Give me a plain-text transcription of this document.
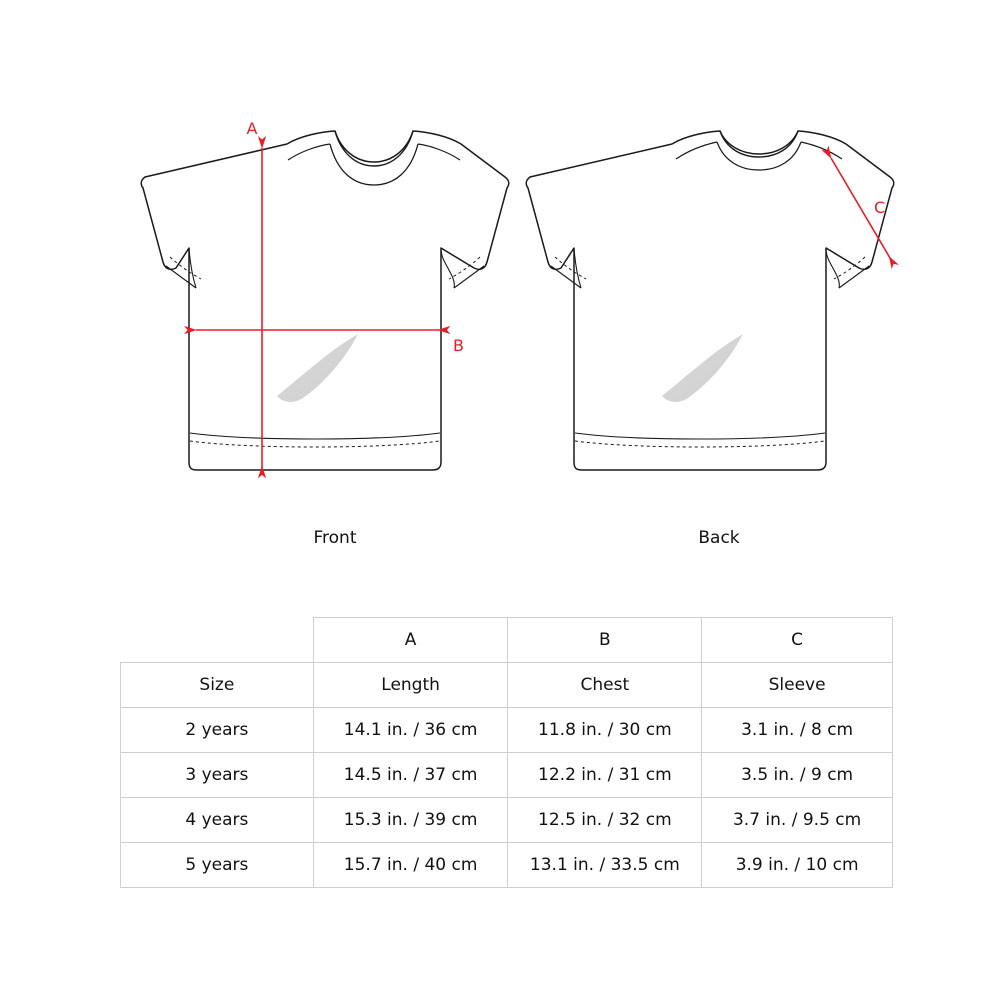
A
B
C
Front	Back
	A	B	C
Size	Length	Chest	Sleeve
2 years	14.1 in. / 36 cm	11.8 in. / 30 cm	3.1 in. / 8 cm
3 years	14.5 in. / 37 cm	12.2 in. / 31 cm	3.5 in. / 9 cm
4 years	15.3 in. / 39 cm	12.5 in. / 32 cm	3.7 in. / 9.5 cm
5 years	15.7 in. / 40 cm	13.1 in. / 33.5 cm	3.9 in. / 10 cm
